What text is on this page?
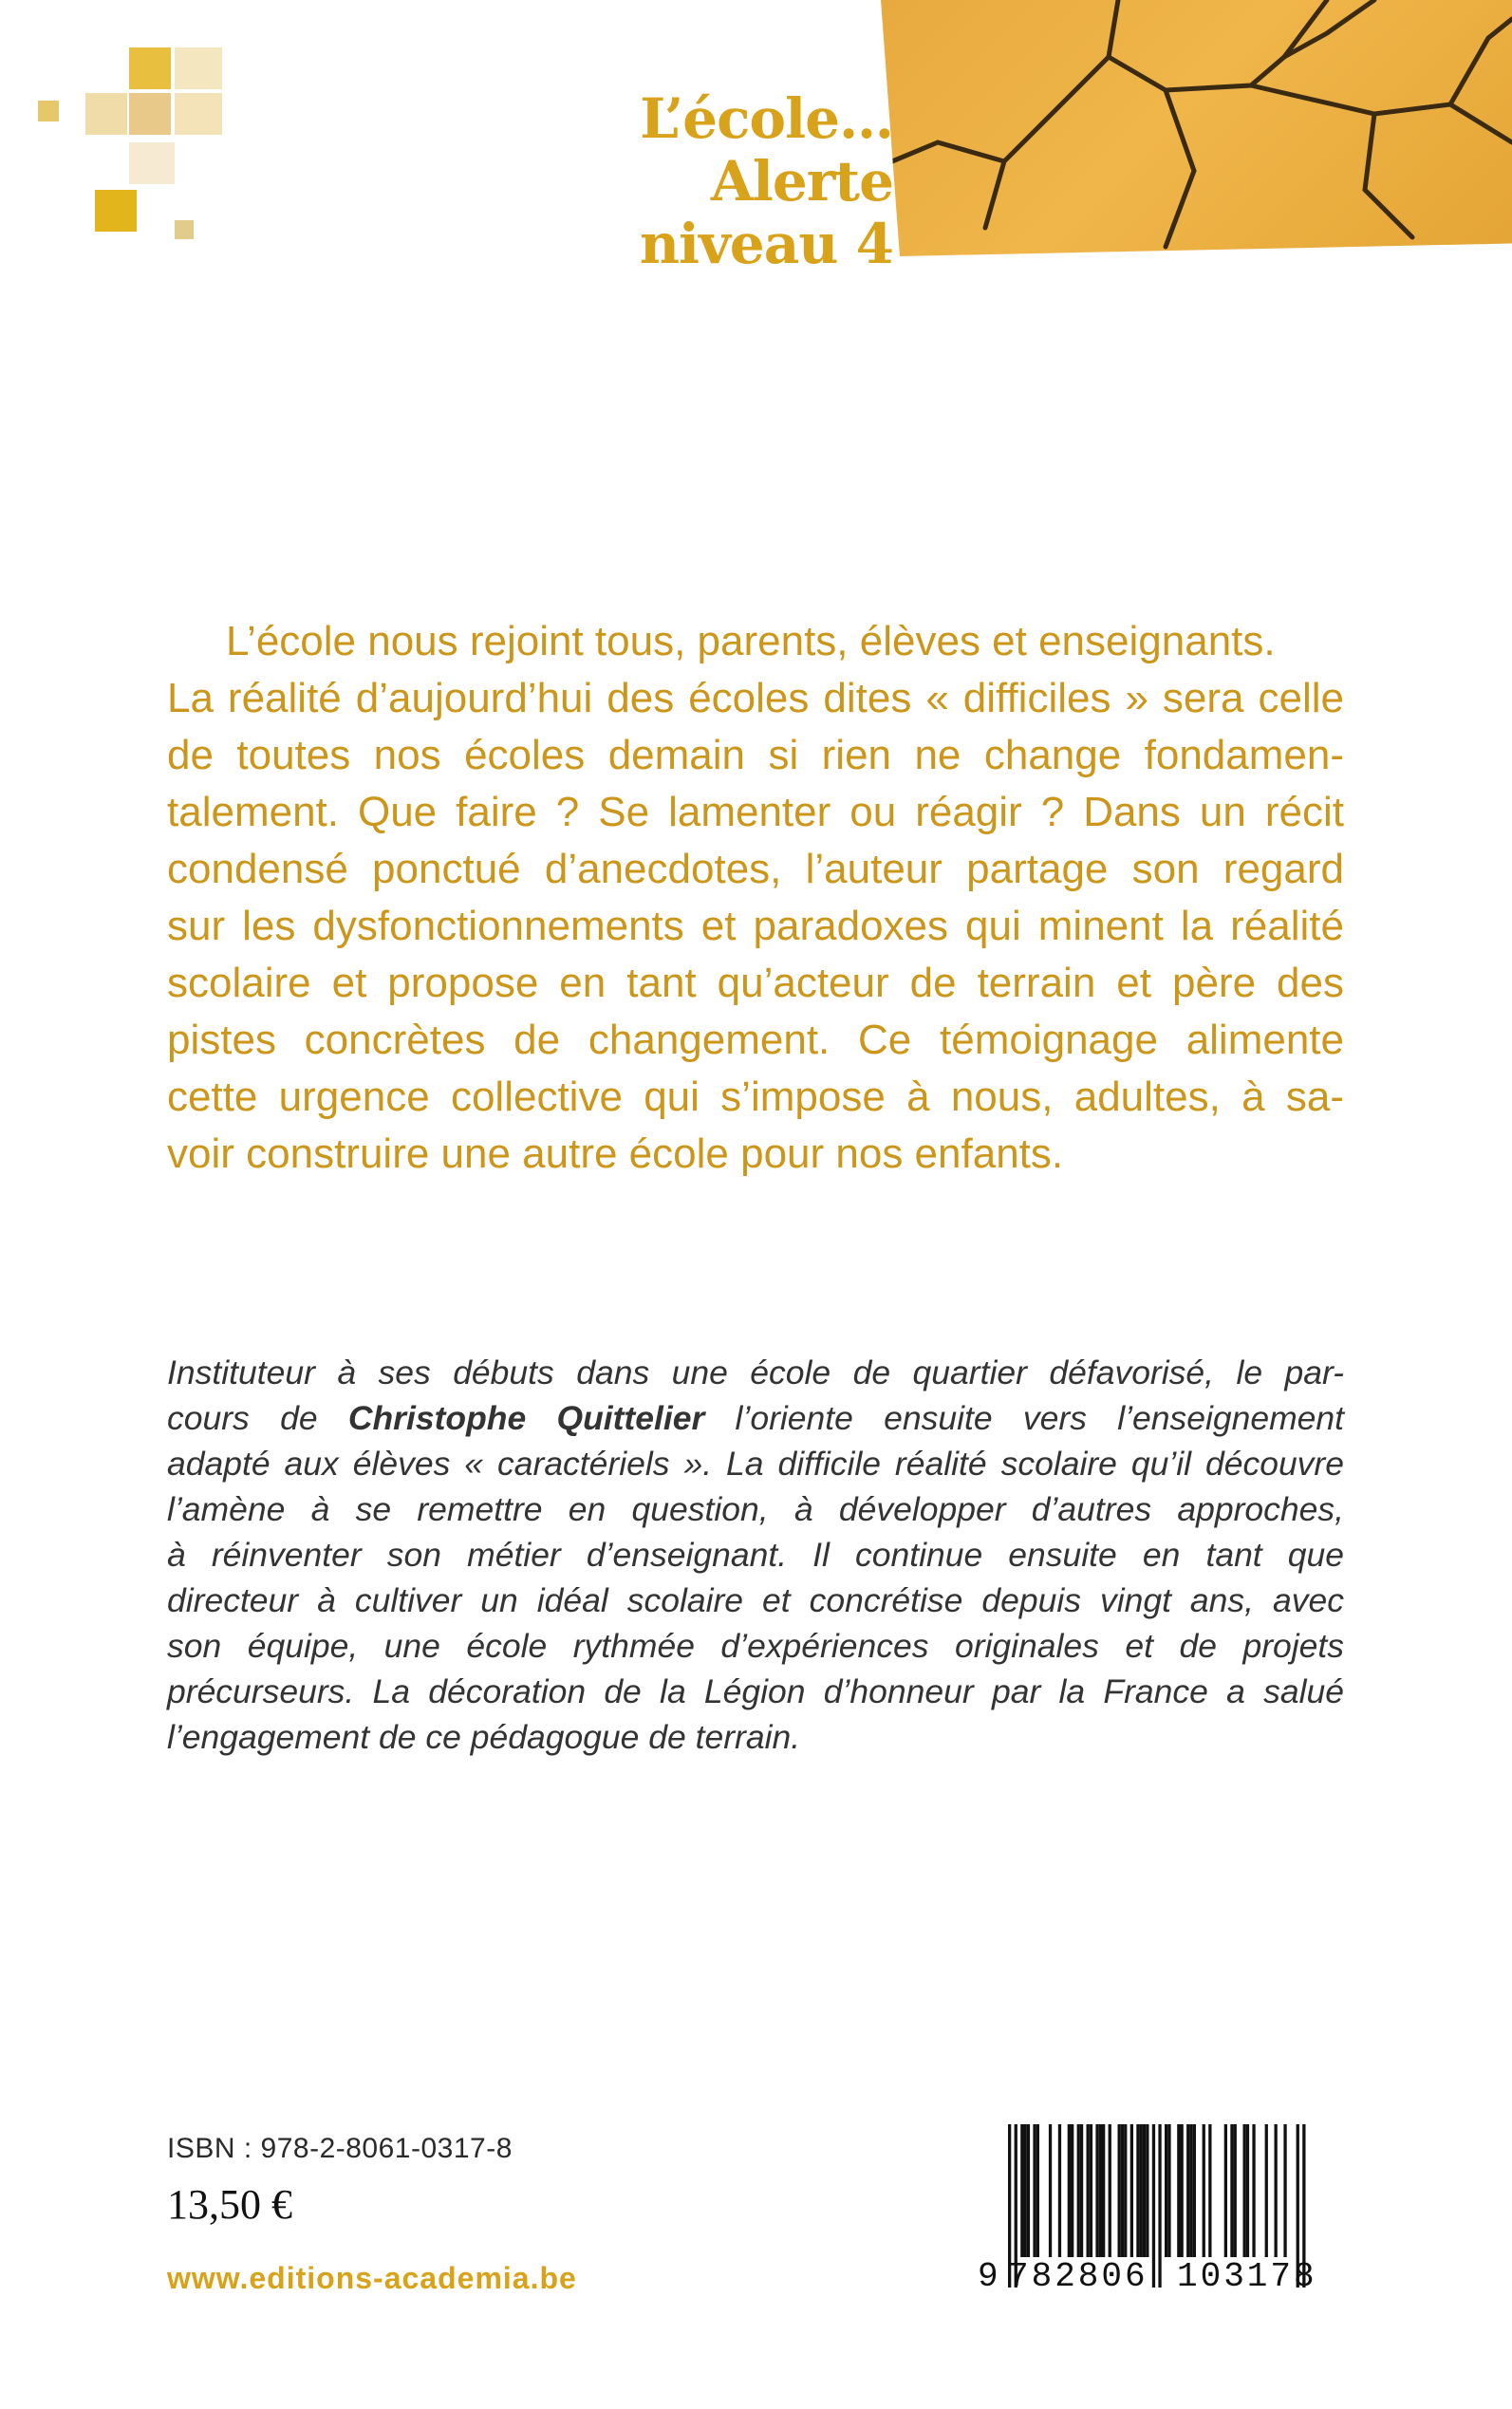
L’école…
Alerte
niveau 4
L’école nous rejoint tous, parents, élèves et enseignants.
La réalité d’aujourd’hui des écoles dites « difficiles » sera celle
de toutes nos écoles demain si rien ne change fondamen-
talement. Que faire ? Se lamenter ou réagir ? Dans un récit
condensé ponctué d’anecdotes, l’auteur partage son regard
sur les dysfonctionnements et paradoxes qui minent la réalité
scolaire et propose en tant qu’acteur de terrain et père des
pistes concrètes de changement. Ce témoignage alimente
cette urgence collective qui s’impose à nous, adultes, à sa-
voir construire une autre école pour nos enfants.
Instituteur à ses débuts dans une école de quartier défavorisé, le par-
cours de Christophe Quittelier l’oriente ensuite vers l’enseignement
adapté aux élèves « caractériels ». La difficile réalité scolaire qu’il découvre
l’amène à se remettre en question, à développer d’autres approches,
à réinventer son métier d’enseignant. Il continue ensuite en tant que
directeur à cultiver un idéal scolaire et concrétise depuis vingt ans, avec
son équipe, une école rythmée d’expériences originales et de projets
précurseurs. La décoration de la Légion d’honneur par la France a salué
l’engagement de ce pédagogue de terrain.
ISBN : 978-2-8061-0317-8
13,50 €
www.editions-academia.be	9 782806 103178
